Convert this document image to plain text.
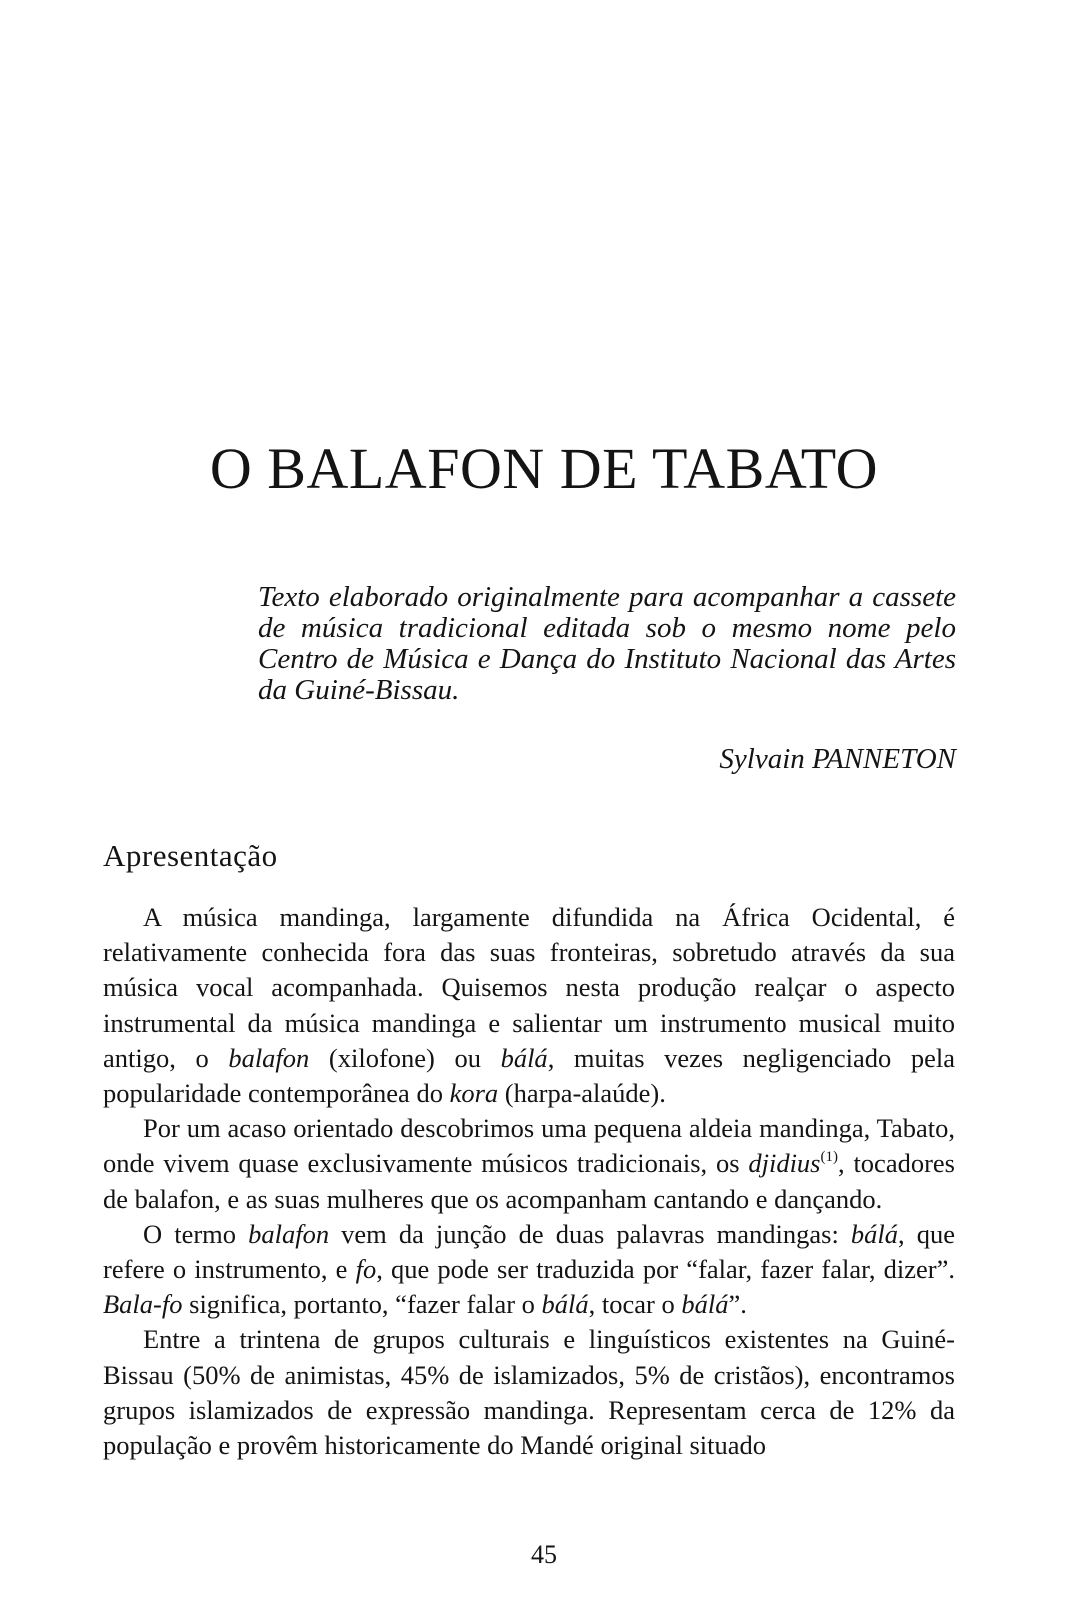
O BALAFON DE TABATO

Texto elaborado originalmente para acompanhar a cassete de música tradicional editada sob o mesmo nome pelo Centro de Música e Dança do Instituto Nacional das Artes da Guiné-Bissau.

Sylvain PANNETON

Apresentação

A música mandinga, largamente difundida na África Ocidental, é relativamente conhecida fora das suas fronteiras, sobretudo através da sua música vocal acompanhada. Quisemos nesta produção realçar o aspecto instrumental da música mandinga e salientar um instrumento musical muito antigo, o balafon (xilofone) ou bálá, muitas vezes negligenciado pela popularidade contemporânea do kora (harpa-alaúde).

Por um acaso orientado descobrimos uma pequena aldeia mandinga, Tabato, onde vivem quase exclusivamente músicos tradicionais, os djidius$^{(1)}$, tocadores de balafon, e as suas mulheres que os acompanham cantando e dançando.

O termo balafon vem da junção de duas palavras mandingas: bálá, que refere o instrumento, e fo, que pode ser traduzida por “falar, fazer falar, dizer”. Bala-fo significa, portanto, “fazer falar o bálá, tocar o bálá”.

Entre a trintena de grupos culturais e linguísticos existentes na Guiné-Bissau (50% de animistas, 45% de islamizados, 5% de cristãos), encontramos grupos islamizados de expressão mandinga. Representam cerca de 12% da população e provêm historicamente do Mandé original situado

45
